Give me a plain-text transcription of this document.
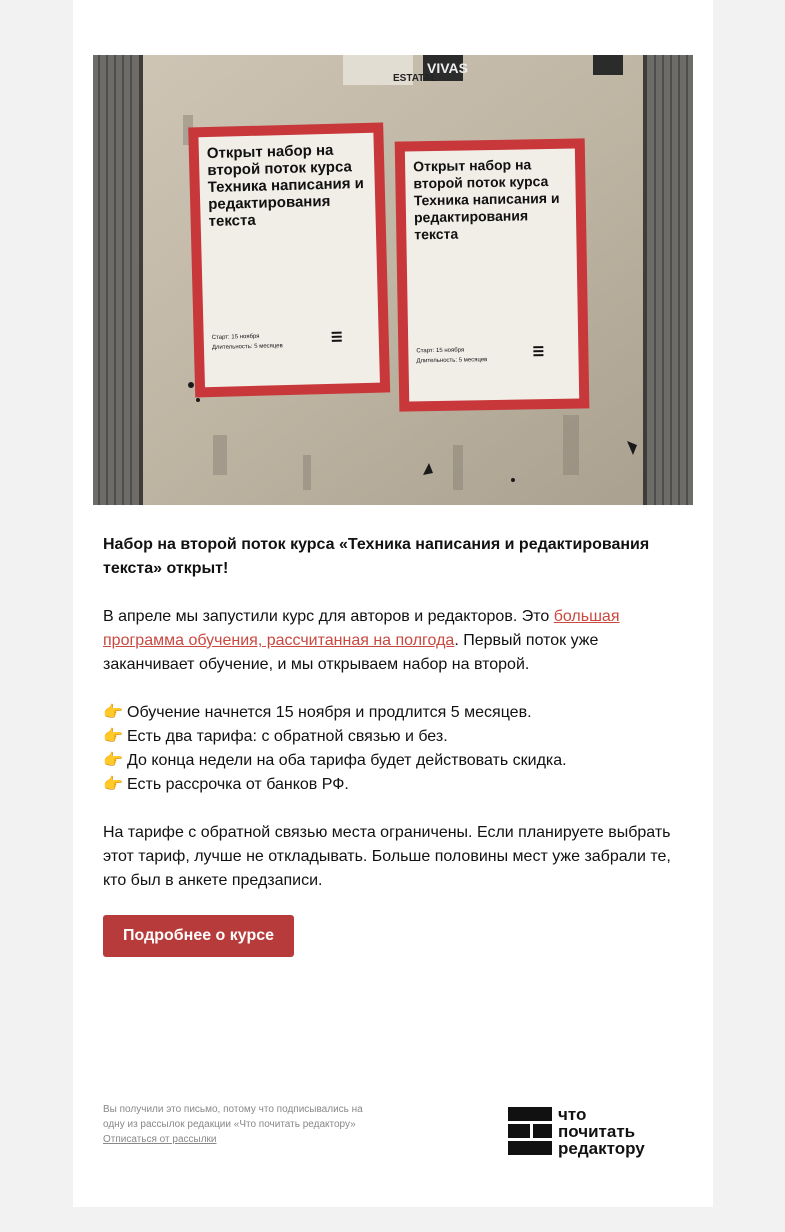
VIVAS
ESTATAL
Открыт набор на второй поток курса Техника написания и редактирования текста
Старт: 15 ноября
Длительность: 5 месяцев
Открыт набор на второй поток курса Техника написания и редактирования текста
Старт: 15 ноября
Длительность: 5 месяцев

Набор на второй поток курса «Техника написания и редактирования текста» открыт!

В апреле мы запустили курс для авторов и редакторов. Это большая программа обучения, рассчитанная на полгода. Первый поток уже заканчивает обучение, и мы открываем набор на второй.

👉 Обучение начнется 15 ноября и продлится 5 месяцев.
👉 Есть два тарифа: с обратной связью и без.
👉 До конца недели на оба тарифа будет действовать скидка.
👉 Есть рассрочка от банков РФ.

На тарифе с обратной связью места ограничены. Если планируете выбрать этот тариф, лучше не откладывать. Больше половины мест уже забрали те, кто был в анкете предзаписи.

Подробнее о курсе
Вы получили это письмо, потому что подписывались на одну из рассылок редакции «Что почитать редактору»
Отписаться от рассылки
что
почитать
редактору
